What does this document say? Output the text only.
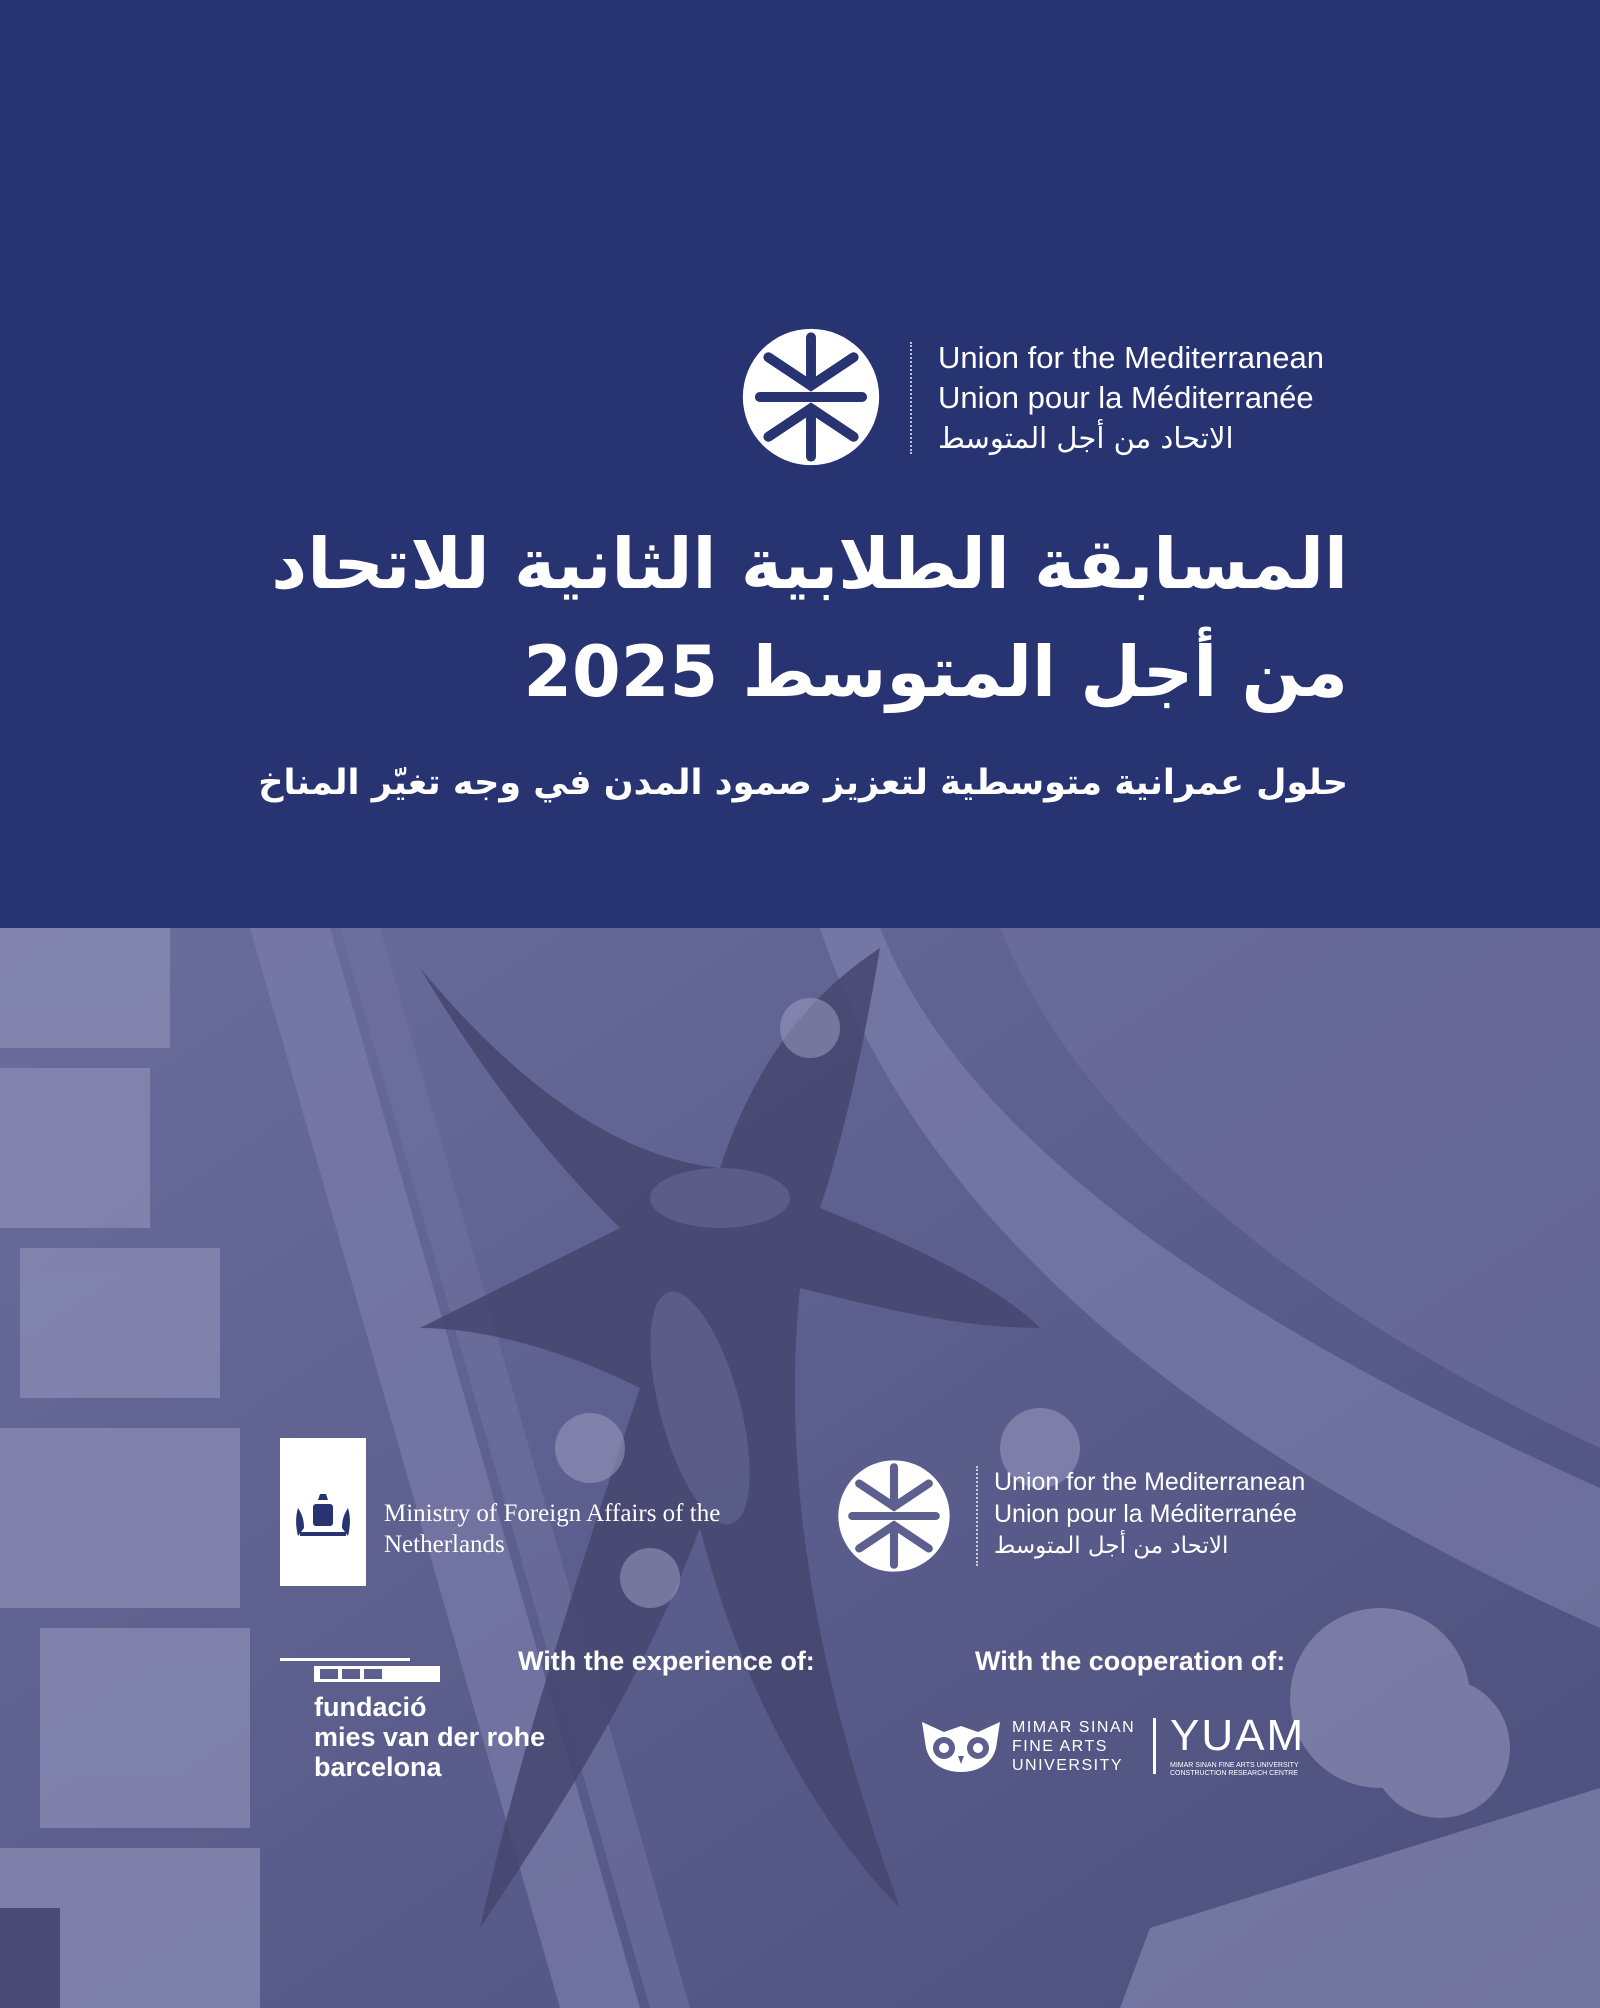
Union for the Mediterranean
Union pour la Méditerranée
الاتحاد من أجل المتوسط
المسابقة الطلابية الثانية للاتحاد
من أجل المتوسط 2025
حلول عمرانية متوسطية لتعزيز صمود المدن في وجه تغيّر المناخ
Ministry of Foreign Affairs of the
Netherlands
Union for the Mediterranean
Union pour la Méditerranée
الاتحاد من أجل المتوسط
With the experience of:	With the cooperation of:
fundació
mies van der rohe
barcelona
MIMAR SINAN
FINE ARTS
UNIVERSITY
YUAM
MIMAR SINAN FINE ARTS UNIVERSITY
CONSTRUCTION RESEARCH CENTRE
